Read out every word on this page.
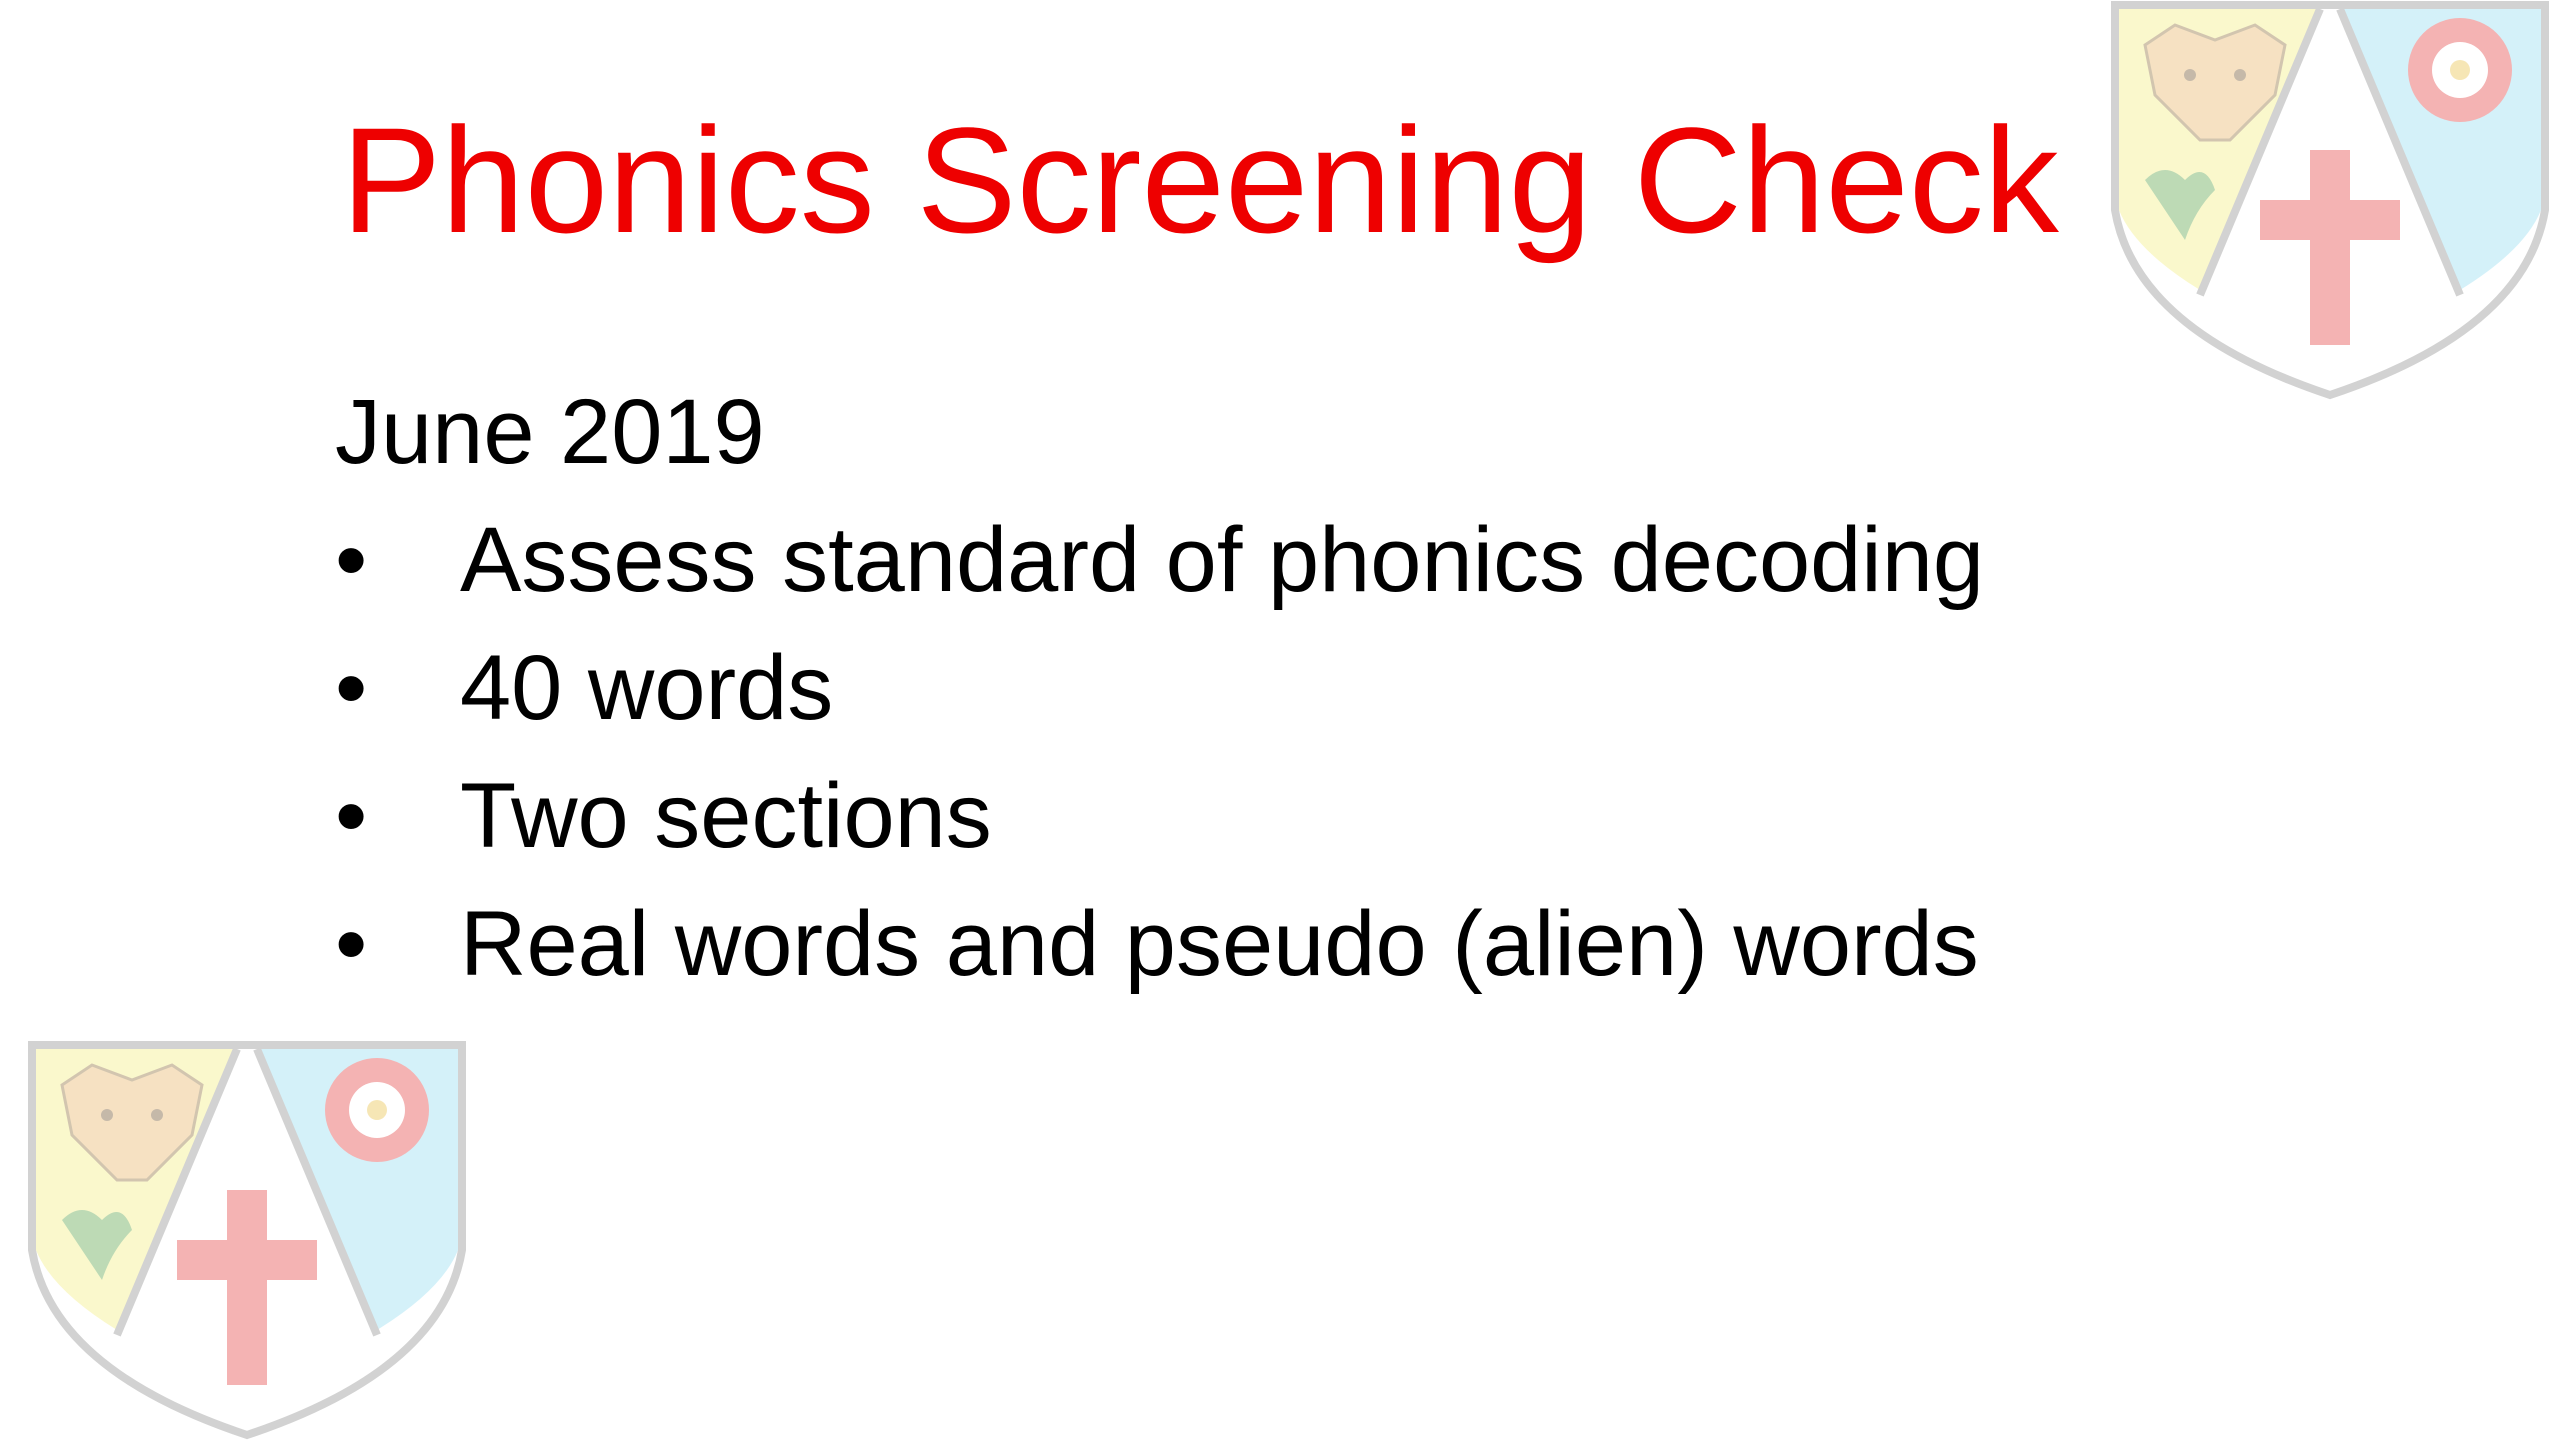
Phonics Screening Check
June 2019
•	Assess standard of phonics decoding
•	40 words
•	Two sections
•	Real words and pseudo (alien) words
